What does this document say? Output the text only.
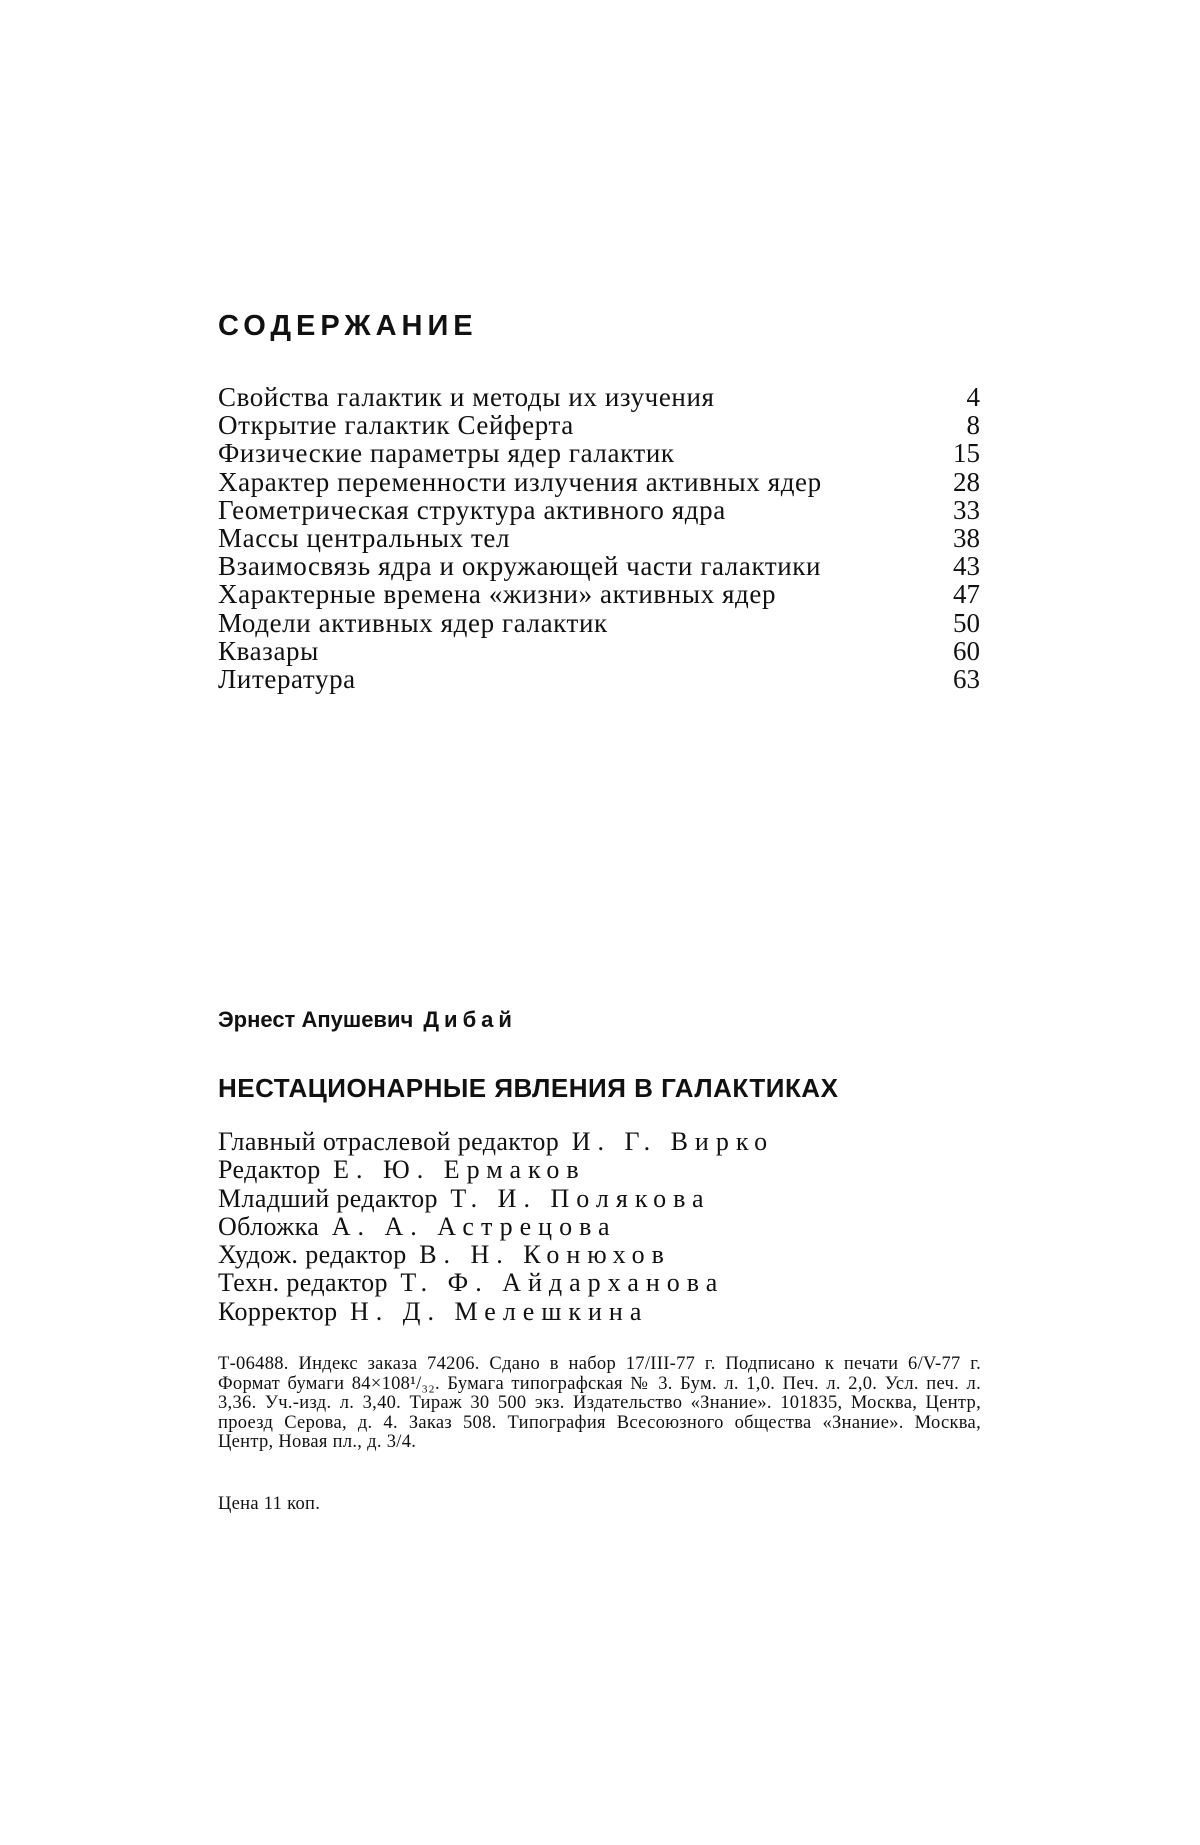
СОДЕРЖАНИЕ
Свойства галактик и методы их изучения	4
Открытие галактик Сейферта	8
Физические параметры ядер галактик	15
Характер переменности излучения активных ядер	28
Геометрическая структура активного ядра	33
Массы центральных тел	38
Взаимосвязь ядра и окружающей части галактики	43
Характерные времена «жизни» активных ядер	47
Модели активных ядер галактик	50
Квазары	60
Литература	63
Эрнест Апушевич Дибай
НЕСТАЦИОНАРНЫЕ ЯВЛЕНИЯ В ГАЛАКТИКАХ
Главный отраслевой редактор И. Г. Вирко
Редактор Е. Ю. Ермаков
Младший редактор Т. И. Полякова
Обложка А. А. Астрецова
Худож. редактор В. Н. Конюхов
Техн. редактор Т. Ф. Айдарханова
Корректор Н. Д. Мелешкина

Т-06488. Индекс заказа 74206. Сдано в набор 17/III-77 г. Подписано к печати 6/V-77 г. Формат бумаги 84×108¹/₃₂. Бумага типографская № 3. Бум. л. 1,0. Печ. л. 2,0. Усл. печ. л. 3,36. Уч.-изд. л. 3,40. Тираж 30 500 экз. Издательство «Знание». 101835, Москва, Центр, проезд Серова, д. 4. Заказ 508. Типография Всесоюзного общества «Знание». Москва, Центр, Новая пл., д. 3/4.

Цена 11 коп.
